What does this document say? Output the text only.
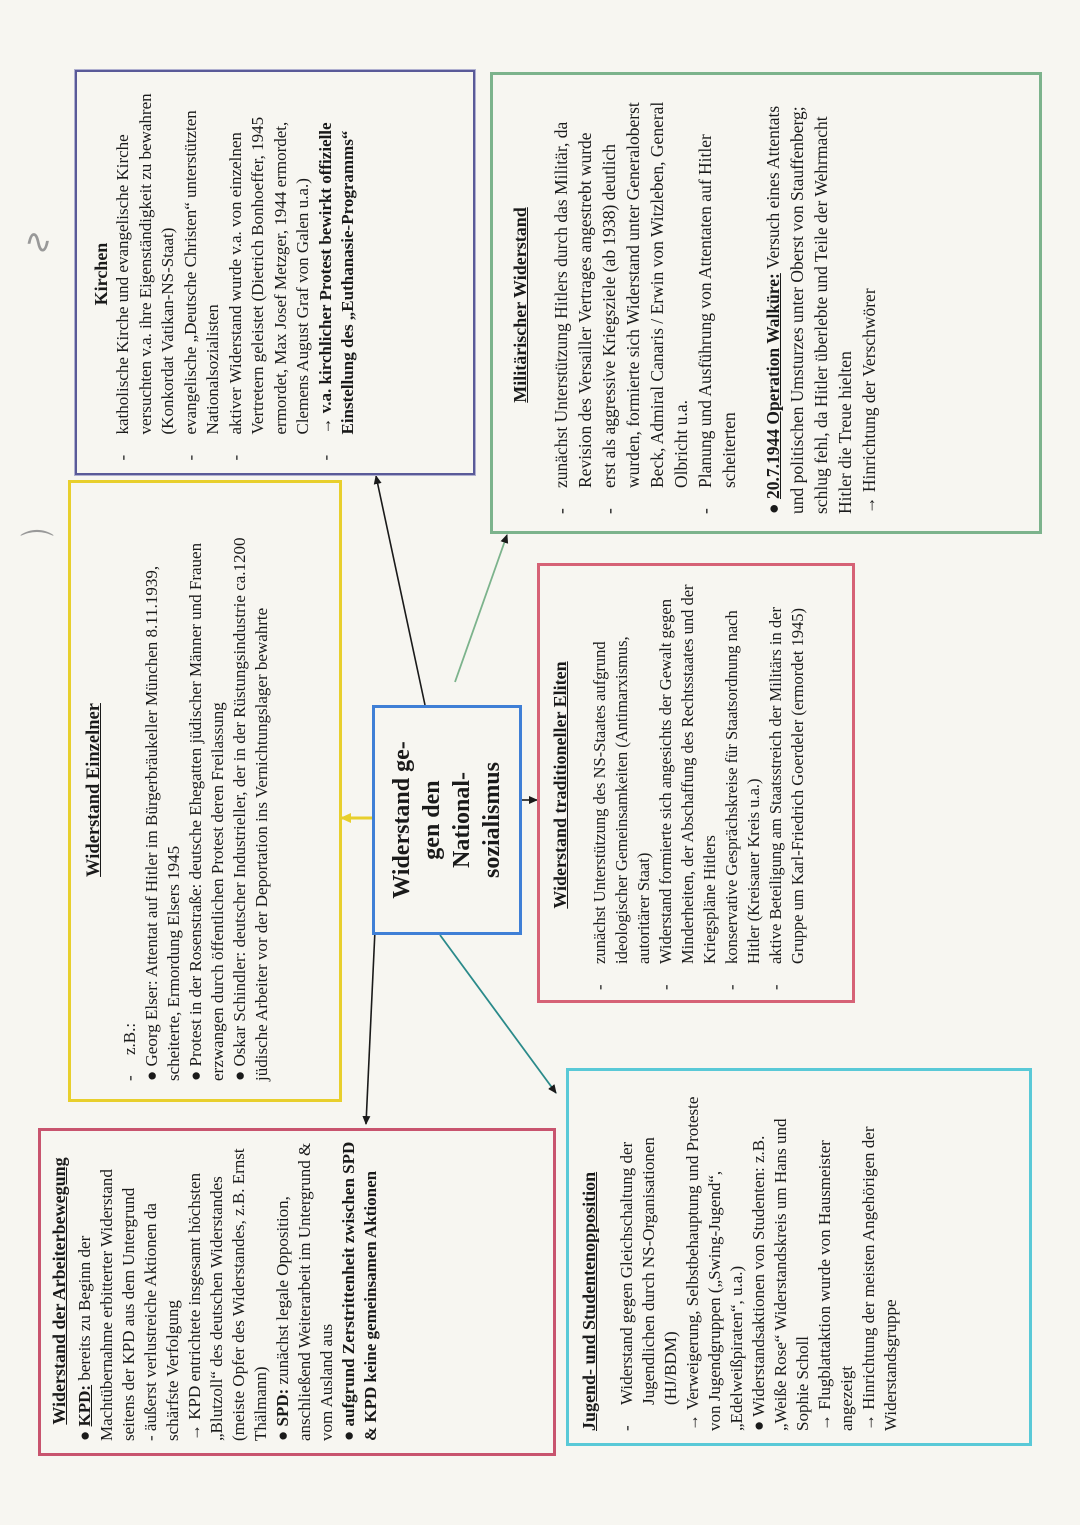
∿
⌒
Kirchen
-
katholische Kirche und evangelische Kirche versuchten v.a. ihre Eigenständigkeit zu bewahren (Konkordat Vatikan-NS-Staat)
-
evangelische „Deutsche Christen“ unterstützten Nationalsozialisten
-
aktiver Widerstand wurde v.a. von einzelnen Vertretern geleistet (Dietrich Bonhoeffer, 1945 ermordet, Max Josef Metzger, 1944 ermordet, Clemens August Graf von Galen u.a.)
-
→ v.a. kirchlicher Protest bewirkt offizielle Einstellung des „Euthanasie-Programms“	Militärischer Widerstand
-
zunächst Unterstützung Hitlers durch das Militär, da Revision des Versailler Vertrages angestrebt wurde
-
erst als aggressive Kriegsziele (ab 1938) deutlich wurden, formierte sich Widerstand unter Generaloberst Beck, Admiral Canaris / Erwin von Witzleben, General Olbricht u.a.
-
Planung und Ausführung von Attentaten auf Hitler scheiterten

● 20.7.1944 Operation Walküre: Versuch eines Attentats und politischen Umsturzes unter Oberst von Stauffenberg; schlug fehl, da Hitler überlebte und Teile der Wehrmacht Hitler die Treue hielten → Hinrichtung der Verschwörer

Widerstand Einzelner
-
z.B.:

● Georg Elser: Attentat auf Hitler im Bürgerbräukeller München 8.11.1939, scheiterte, Ermordung Elsers 1945 ● Protest in der Rosenstraße: deutsche Ehegatten jüdischer Männer und Frauen erzwangen durch öffentlichen Protest deren Freilassung ● Oskar Schindler: deutscher Industrieller, der in der Rüstungsindustrie ca.1200 jüdische Arbeiter vor der Deportation ins Vernichtungslager bewahrte	Widerstand ge- gen den National- sozialismus	Widerstand traditioneller Eliten
-
zunächst Unterstützung des NS-Staates aufgrund ideologischer Gemeinsamkeiten (Antimarxismus, autoritärer Staat)
-
Widerstand formierte sich angesichts der Gewalt gegen Minderheiten, der Abschaffung des Rechtsstaates und der Kriegspläne Hitlers
-
konservative Gesprächskreise für Staatsordnung nach Hitler (Kreisauer Kreis u.a.)
-
aktive Beteiligung am Staatsstreich der Militärs in der Gruppe um Karl-Friedrich Goerdeler (ermordet 1945)
Widerstand der Arbeiterbewegung

● KPD: bereits zu Beginn der Machtübernahme erbitterter Widerstand seitens der KPD aus dem Untergrund - äußerst verlustreiche Aktionen da schärfste Verfolgung → KPD entrichtete insgesamt höchsten „Blutzoll“ des deutschen Widerstandes (meiste Opfer des Widerstandes, z.B. Ernst Thälmann) ● SPD: zunächst legale Opposition, anschließend Weiterarbeit im Untergrund & vom Ausland aus ● aufgrund Zerstrittenheit zwischen SPD & KPD keine gemeinsamen Aktionen	Jugend- und Studentenopposition -
Widerstand gegen Gleichschaltung der Jugendlichen durch NS-Organisationen (HJ/BDM) → Verweigerung, Selbstbehauptung und Proteste von Jugendgruppen („Swing-Jugend“, „Edelweißpiraten“, u.a.) ● Widerstandsaktionen von Studenten: z.B. „Weiße Rose“ Widerstandskreis um Hans und Sophie Scholl → Flugblattaktion wurde von Hausmeister angezeigt → Hinrichtung der meisten Angehörigen der Widerstandsgruppe
